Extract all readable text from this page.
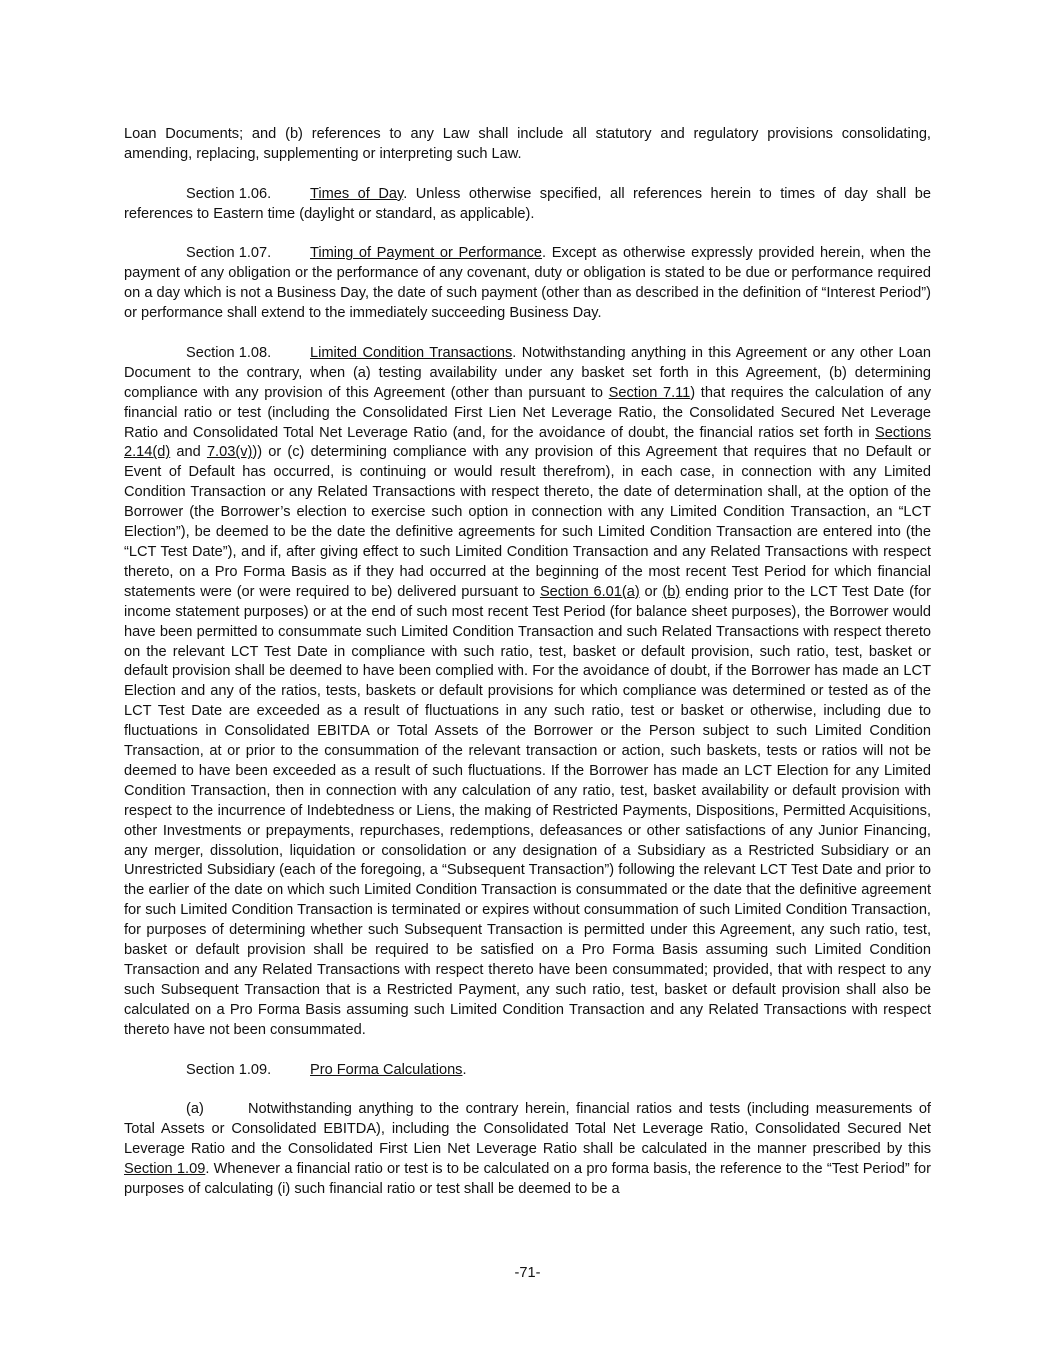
Loan Documents; and (b) references to any Law shall include all statutory and regulatory provisions consolidating, amending, replacing, supplementing or interpreting such Law.

Section 1.06.	Times of Day. Unless otherwise specified, all references herein to times of day shall be references to Eastern time (daylight or standard, as applicable).

Section 1.07.	Timing of Payment or Performance. Except as otherwise expressly provided herein, when the payment of any obligation or the performance of any covenant, duty or obligation is stated to be due or performance required on a day which is not a Business Day, the date of such payment (other than as described in the definition of “Interest Period”) or performance shall extend to the immediately succeeding Business Day.

Section 1.08.	Limited Condition Transactions. Notwithstanding anything in this Agreement or any other Loan Document to the contrary, when (a) testing availability under any basket set forth in this Agreement, (b) determining compliance with any provision of this Agreement (other than pursuant to Section 7.11) that requires the calculation of any financial ratio or test (including the Consolidated First Lien Net Leverage Ratio, the Consolidated Secured Net Leverage Ratio and Consolidated Total Net Leverage Ratio (and, for the avoidance of doubt, the financial ratios set forth in Sections 2.14(d) and 7.03(v))) or (c) determining compliance with any provision of this Agreement that requires that no Default or Event of Default has occurred, is continuing or would result therefrom), in each case, in connection with any Limited Condition Transaction or any Related Transactions with respect thereto, the date of determination shall, at the option of the Borrower (the Borrower’s election to exercise such option in connection with any Limited Condition Transaction, an “LCT Election”), be deemed to be the date the definitive agreements for such Limited Condition Transaction are entered into (the “LCT Test Date”), and if, after giving effect to such Limited Condition Transaction and any Related Transactions with respect thereto, on a Pro Forma Basis as if they had occurred at the beginning of the most recent Test Period for which financial statements were (or were required to be) delivered pursuant to Section 6.01(a) or (b) ending prior to the LCT Test Date (for income statement purposes) or at the end of such most recent Test Period (for balance sheet purposes), the Borrower would have been permitted to consummate such Limited Condition Transaction and such Related Transactions with respect thereto on the relevant LCT Test Date in compliance with such ratio, test, basket or default provision, such ratio, test, basket or default provision shall be deemed to have been complied with. For the avoidance of doubt, if the Borrower has made an LCT Election and any of the ratios, tests, baskets or default provisions for which compliance was determined or tested as of the LCT Test Date are exceeded as a result of fluctuations in any such ratio, test or basket or otherwise, including due to fluctuations in Consolidated EBITDA or Total Assets of the Borrower or the Person subject to such Limited Condition Transaction, at or prior to the consummation of the relevant transaction or action, such baskets, tests or ratios will not be deemed to have been exceeded as a result of such fluctuations. If the Borrower has made an LCT Election for any Limited Condition Transaction, then in connection with any calculation of any ratio, test, basket availability or default provision with respect to the incurrence of Indebtedness or Liens, the making of Restricted Payments, Dispositions, Permitted Acquisitions, other Investments or prepayments, repurchases, redemptions, defeasances or other satisfactions of any Junior Financing, any merger, dissolution, liquidation or consolidation or any designation of a Subsidiary as a Restricted Subsidiary or an Unrestricted Subsidiary (each of the foregoing, a “Subsequent Transaction”) following the relevant LCT Test Date and prior to the earlier of the date on which such Limited Condition Transaction is consummated or the date that the definitive agreement for such Limited Condition Transaction is terminated or expires without consummation of such Limited Condition Transaction, for purposes of determining whether such Subsequent Transaction is permitted under this Agreement, any such ratio, test, basket or default provision shall be required to be satisfied on a Pro Forma Basis assuming such Limited Condition Transaction and any Related Transactions with respect thereto have been consummated; provided, that with respect to any such Subsequent Transaction that is a Restricted Payment, any such ratio, test, basket or default provision shall also be calculated on a Pro Forma Basis assuming such Limited Condition Transaction and any Related Transactions with respect thereto have not been consummated.

Section 1.09.	Pro Forma Calculations.

(a)	Notwithstanding anything to the contrary herein, financial ratios and tests (including measurements of Total Assets or Consolidated EBITDA), including the Consolidated Total Net Leverage Ratio, Consolidated Secured Net Leverage Ratio and the Consolidated First Lien Net Leverage Ratio shall be calculated in the manner prescribed by this Section 1.09. Whenever a financial ratio or test is to be calculated on a pro forma basis, the reference to the “Test Period” for purposes of calculating (i) such financial ratio or test shall be deemed to be a

-71-
